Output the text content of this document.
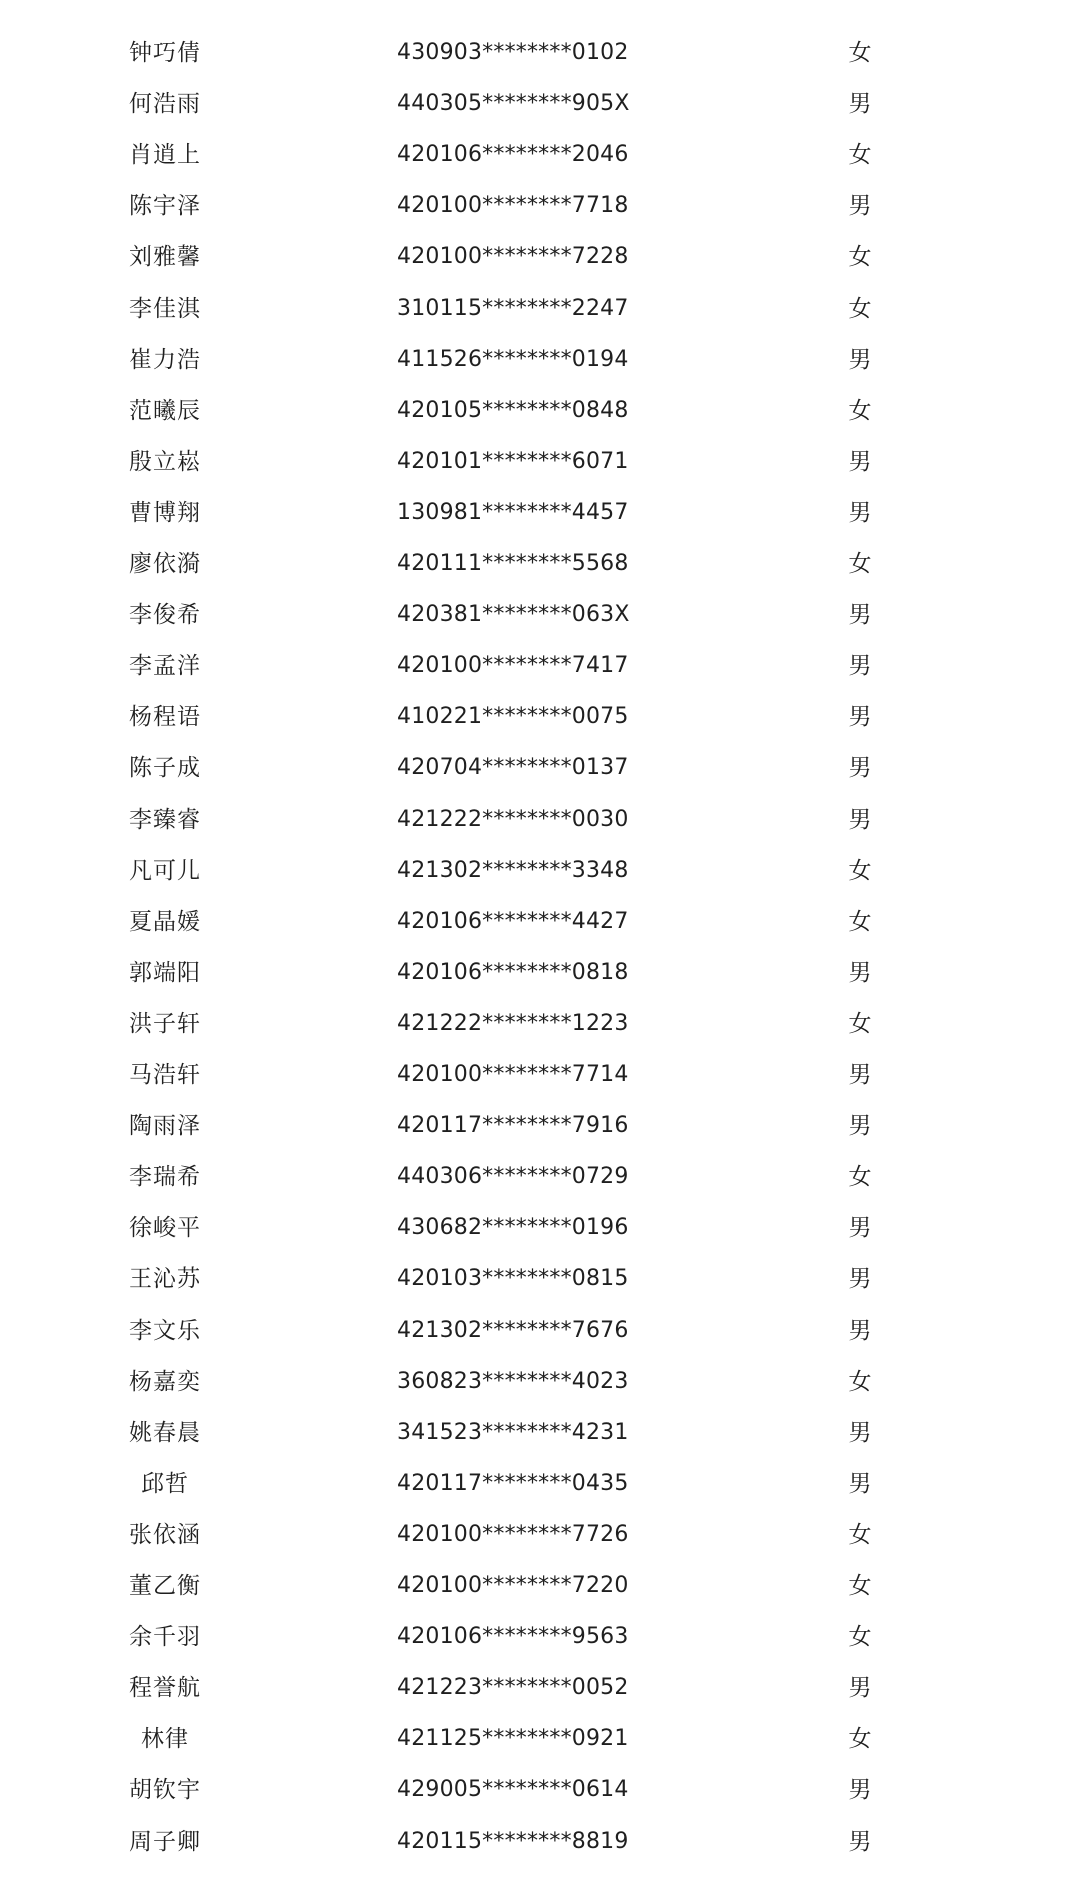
钟巧倩	430903********0102	女
何浩雨	440305********905X	男
肖逍上	420106********2046	女
陈宇泽	420100********7718	男
刘雅馨	420100********7228	女
李佳淇	310115********2247	女
崔力浩	411526********0194	男
范曦辰	420105********0848	女
殷立崧	420101********6071	男
曹博翔	130981********4457	男
廖依漪	420111********5568	女
李俊希	420381********063X	男
李孟洋	420100********7417	男
杨程语	410221********0075	男
陈子成	420704********0137	男
李臻睿	421222********0030	男
凡可儿	421302********3348	女
夏晶媛	420106********4427	女
郭端阳	420106********0818	男
洪子轩	421222********1223	女
马浩轩	420100********7714	男
陶雨泽	420117********7916	男
李瑞希	440306********0729	女
徐峻平	430682********0196	男
王沁苏	420103********0815	男
李文乐	421302********7676	男
杨嘉奕	360823********4023	女
姚春晨	341523********4231	男
邱哲	420117********0435	男
张依涵	420100********7726	女
董乙衡	420100********7220	女
余千羽	420106********9563	女
程誉航	421223********0052	男
林律	421125********0921	女
胡钦宇	429005********0614	男
周子卿	420115********8819	男
